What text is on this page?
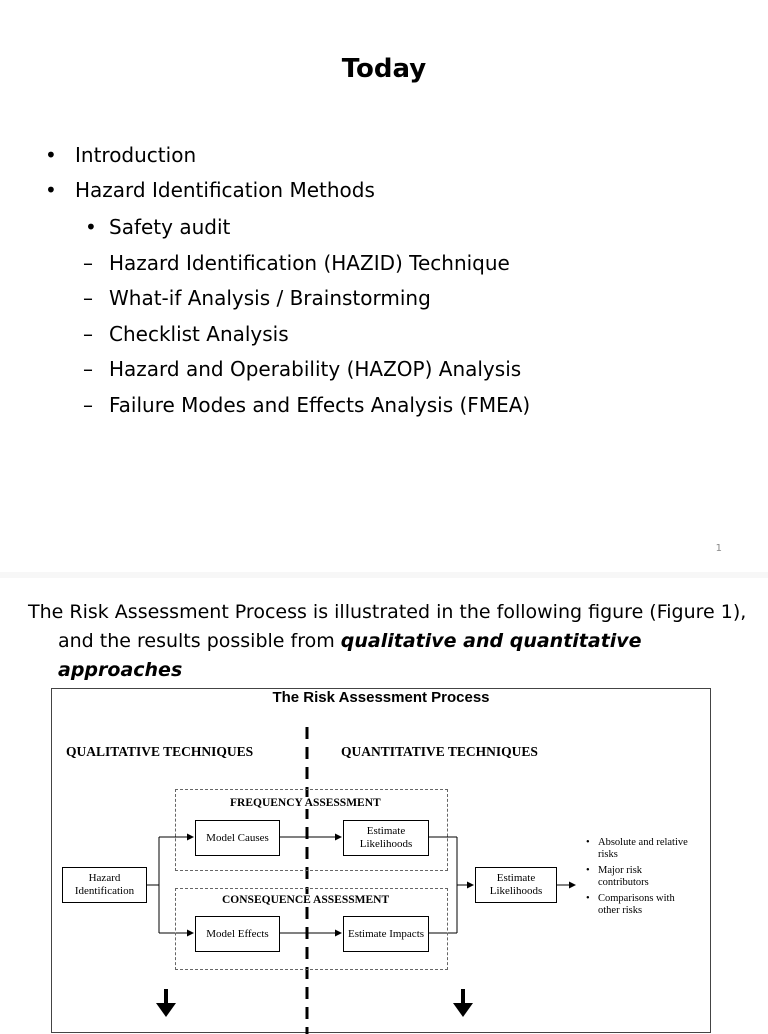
Today
• Introduction
• Hazard Identification Methods
• Safety audit
– Hazard Identification (HAZID) Technique
– What-if Analysis / Brainstorming
– Checklist Analysis
– Hazard and Operability (HAZOP) Analysis
– Failure Modes and Effects Analysis (FMEA)
1
The Risk Assessment Process is illustrated in the following figure (Figure 1),
and the results possible from qualitative and quantitative approaches
The Risk Assessment Process
QUALITATIVE TECHNIQUES	QUANTITATIVE TECHNIQUES
FREQUENCY ASSESSMENT
CONSEQUENCE ASSESSMENT
Hazard Identification
Model Causes
Estimate Likelihoods
Model Effects	Estimate Impacts
Estimate Likelihoods
• Absolute and relative risks
• Major risk contributors
• Comparisons with other risks
